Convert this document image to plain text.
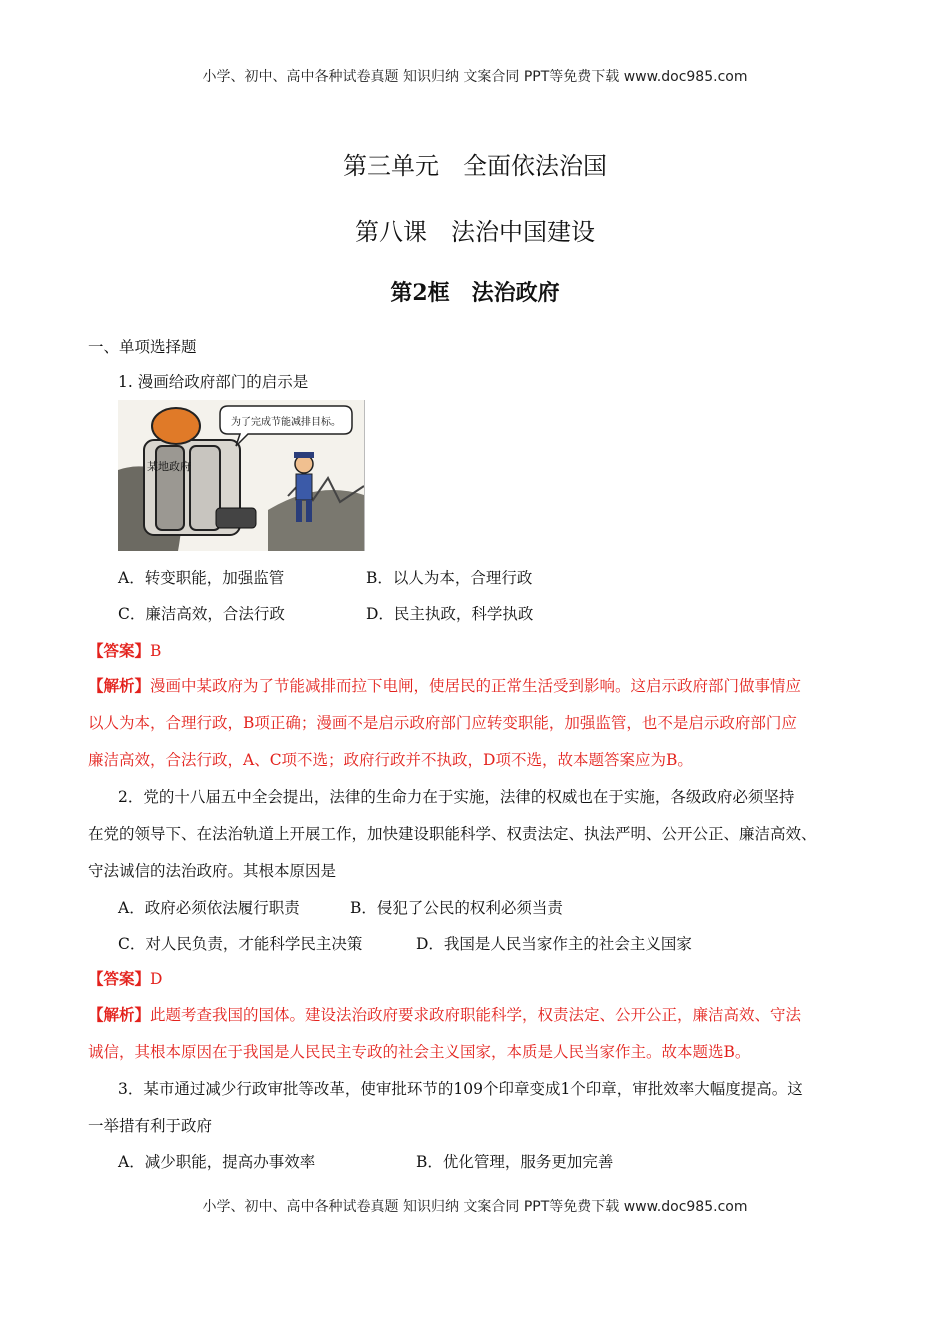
小学、初中、高中各种试卷真题 知识归纳 文案合同 PPT等免费下载 www.doc985.com
第三单元　全面依法治国
第八课　法治中国建设
第2框　法治政府
一、单项选择题
1. 漫画给政府部门的启示是
某地政府
为了完成节能减排目标。
A．转变职能，加强监管	B．以人为本，合理行政
C．廉洁高效，合法行政	D．民主执政，科学执政
【答案】B
【解析】漫画中某政府为了节能减排而拉下电闸，使居民的正常生活受到影响。这启示政府部门做事情应
以人为本，合理行政，B项正确；漫画不是启示政府部门应转变职能，加强监管，也不是启示政府部门应
廉洁高效，合法行政，A、C项不选；政府行政并不执政，D项不选，故本题答案应为B。
2．党的十八届五中全会提出，法律的生命力在于实施，法律的权威也在于实施，各级政府必须坚持
在党的领导下、在法治轨道上开展工作，加快建设职能科学、权责法定、执法严明、公开公正、廉洁高效、
守法诚信的法治政府。其根本原因是
A．政府必须依法履行职责	B．侵犯了公民的权利必须当责
C．对人民负责，才能科学民主决策	D．我国是人民当家作主的社会主义国家
【答案】D
【解析】此题考查我国的国体。建设法治政府要求政府职能科学，权责法定、公开公正，廉洁高效、守法
诚信，其根本原因在于我国是人民民主专政的社会主义国家，本质是人民当家作主。故本题选B。
3．某市通过减少行政审批等改革，使审批环节的109个印章变成1个印章，审批效率大幅度提高。这
一举措有利于政府
A．减少职能，提高办事效率	B．优化管理，服务更加完善
小学、初中、高中各种试卷真题 知识归纳 文案合同 PPT等免费下载 www.doc985.com
